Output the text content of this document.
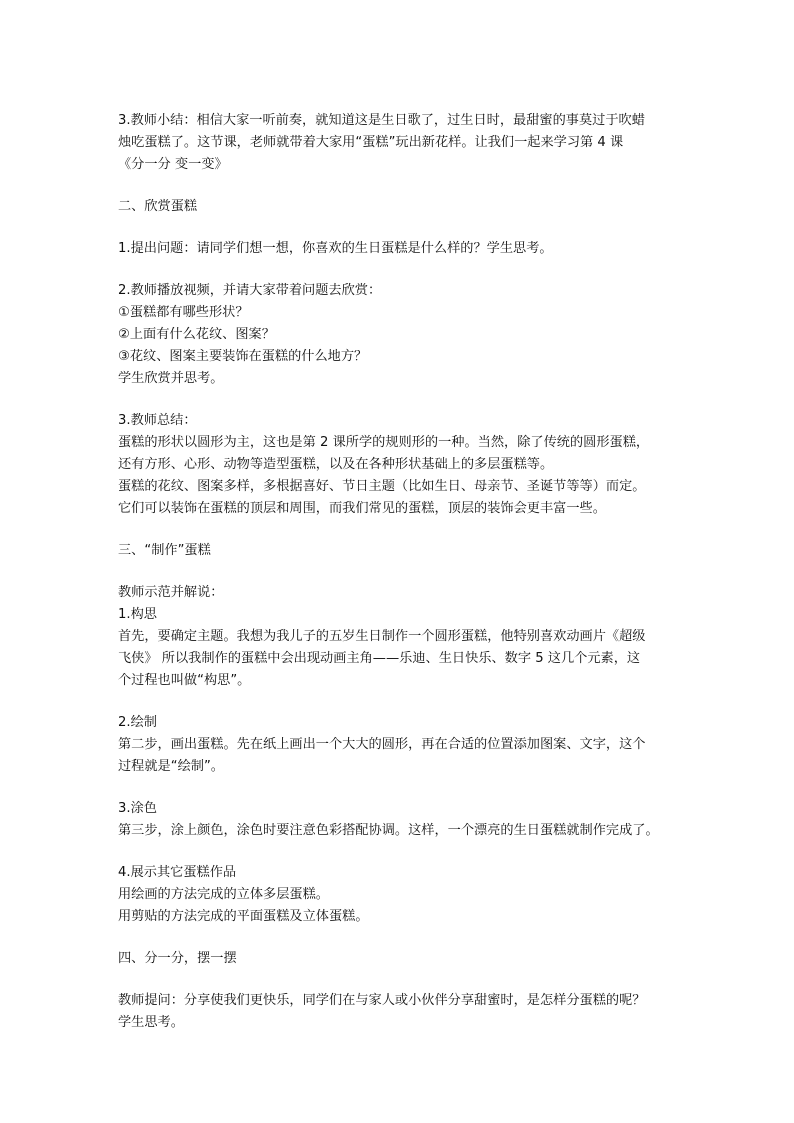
3.教师小结：相信大家一听前奏，就知道这是生日歌了，过生日时，最甜蜜的事莫过于吹蜡

烛吃蛋糕了。这节课，老师就带着大家用“蛋糕”玩出新花样。让我们一起来学习第 4 课

《分一分 变一变》

二、欣赏蛋糕

1.提出问题：请同学们想一想，你喜欢的生日蛋糕是什么样的？学生思考。

2.教师播放视频，并请大家带着问题去欣赏：

①蛋糕都有哪些形状？

②上面有什么花纹、图案？

③花纹、图案主要装饰在蛋糕的什么地方？

学生欣赏并思考。

3.教师总结：

蛋糕的形状以圆形为主，这也是第 2 课所学的规则形的一种。当然，除了传统的圆形蛋糕，

还有方形、心形、动物等造型蛋糕，以及在各种形状基础上的多层蛋糕等。

蛋糕的花纹、图案多样，多根据喜好、节日主题（比如生日、母亲节、圣诞节等等）而定。

它们可以装饰在蛋糕的顶层和周围，而我们常见的蛋糕，顶层的装饰会更丰富一些。

三、“制作”蛋糕

教师示范并解说：

1.构思

首先，要确定主题。我想为我儿子的五岁生日制作一个圆形蛋糕，他特别喜欢动画片《超级

飞侠》 所以我制作的蛋糕中会出现动画主角——乐迪、生日快乐、数字 5 这几个元素，这

个过程也叫做“构思”。

2.绘制

第二步，画出蛋糕。先在纸上画出一个大大的圆形，再在合适的位置添加图案、文字，这个

过程就是“绘制”。

3.涂色

第三步，涂上颜色，涂色时要注意色彩搭配协调。这样，一个漂亮的生日蛋糕就制作完成了。

4.展示其它蛋糕作品

用绘画的方法完成的立体多层蛋糕。

用剪贴的方法完成的平面蛋糕及立体蛋糕。

四、分一分，摆一摆

教师提问：分享使我们更快乐，同学们在与家人或小伙伴分享甜蜜时，是怎样分蛋糕的呢？

学生思考。
